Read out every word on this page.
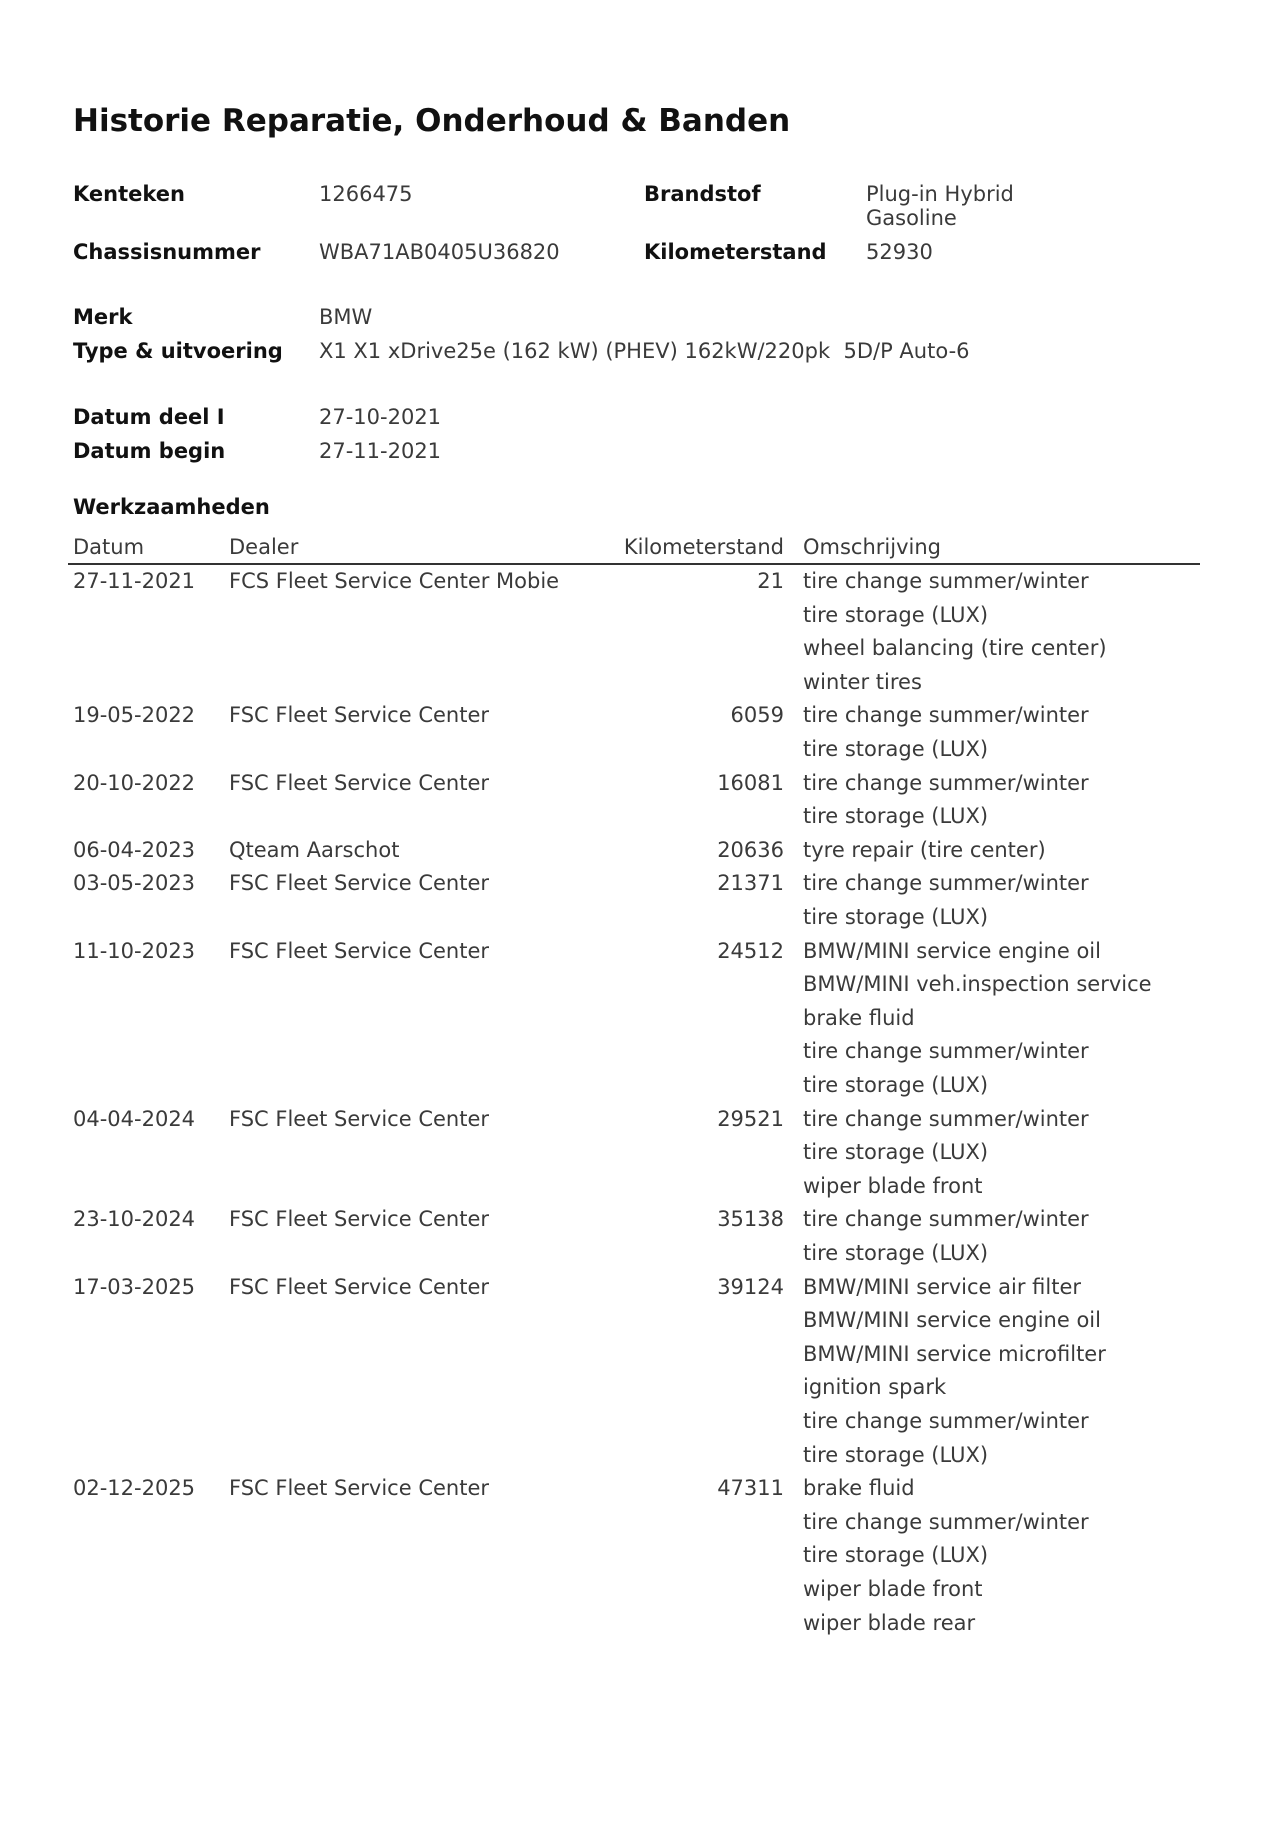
Historie Reparatie, Onderhoud & Banden
Kenteken	1266475	Brandstof	Plug-in Hybrid
Gasoline
Chassisnummer	WBA71AB0405U36820	Kilometerstand 52930
Merk	BMW
Type & uitvoering X1 X1 xDrive25e (162 kW) (PHEV) 162kW/220pk  5D/P Auto-6
Datum deel I	27-10-2021
Datum begin	27-11-2021
Werkzaamheden
Datum	Dealer	Kilometerstand Omschrijving
27-11-2021 FCS Fleet Service Center Mobie	21 tire change summer/winter
tire storage (LUX)
wheel balancing (tire center)
winter tires
19-05-2022 FSC Fleet Service Center	6059 tire change summer/winter
tire storage (LUX)
20-10-2022 FSC Fleet Service Center	16081 tire change summer/winter
tire storage (LUX)
06-04-2023 Qteam Aarschot	20636 tyre repair (tire center)
03-05-2023 FSC Fleet Service Center	21371 tire change summer/winter
tire storage (LUX)
11-10-2023 FSC Fleet Service Center	24512 BMW/MINI service engine oil
BMW/MINI veh.inspection service
brake fluid
tire change summer/winter
tire storage (LUX)
04-04-2024 FSC Fleet Service Center	29521 tire change summer/winter
tire storage (LUX)
wiper blade front
23-10-2024 FSC Fleet Service Center	35138 tire change summer/winter
tire storage (LUX)
17-03-2025 FSC Fleet Service Center	39124 BMW/MINI service air filter
BMW/MINI service engine oil
BMW/MINI service microfilter
ignition spark
tire change summer/winter
tire storage (LUX)
02-12-2025 FSC Fleet Service Center	47311 brake fluid
tire change summer/winter
tire storage (LUX)
wiper blade front
wiper blade rear
